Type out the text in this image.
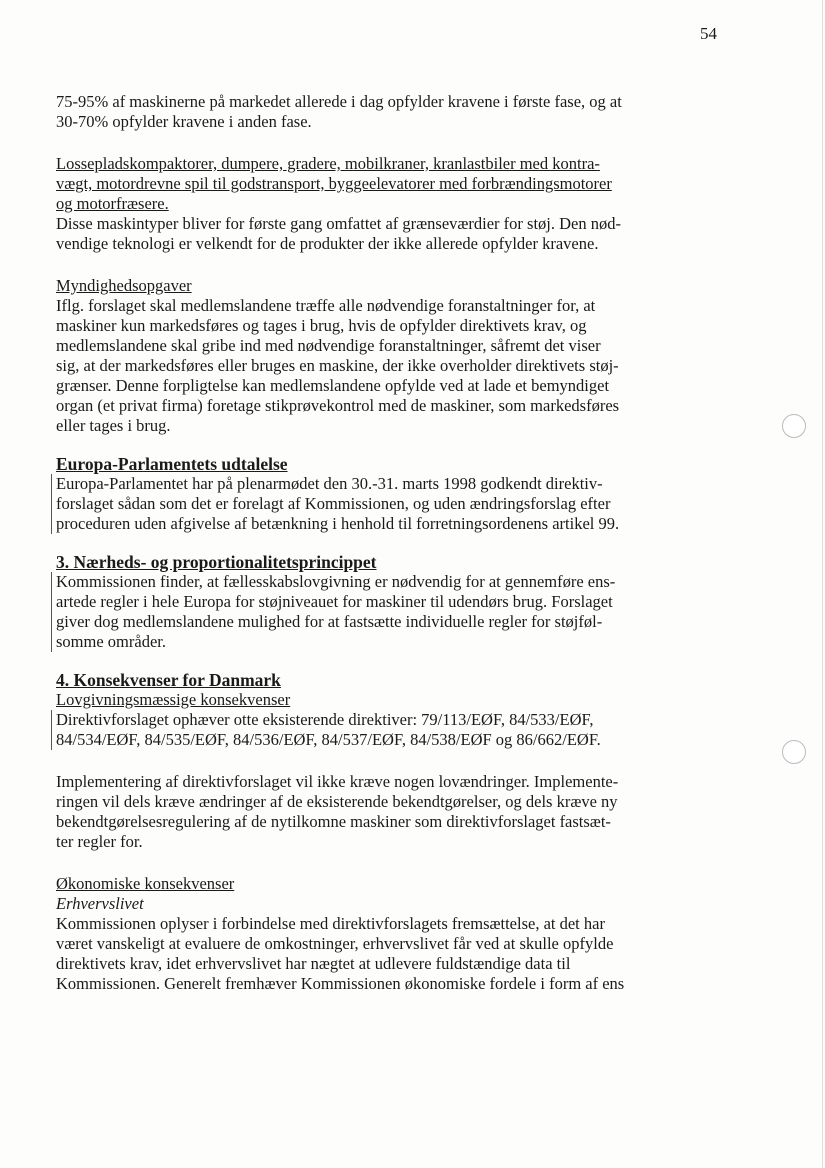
54

75-95% af maskinerne på markedet allerede i dag opfylder kravene i første fase, og at
30-70% opfylder kravene i anden fase.

Lossepladskompaktorer, dumpere, gradere, mobilkraner, kranlastbiler med kontra-
vægt, motordrevne spil til godstransport, byggeelevatorer med forbrændingsmotorer
og motorfræsere.

Disse maskintyper bliver for første gang omfattet af grænseværdier for støj. Den nød-
vendige teknologi er velkendt for de produkter der ikke allerede opfylder kravene.

Myndighedsopgaver

Iflg. forslaget skal medlemslandene træffe alle nødvendige foranstaltninger for, at
maskiner kun markedsføres og tages i brug, hvis de opfylder direktivets krav, og
medlemslandene skal gribe ind med nødvendige foranstaltninger, såfremt det viser
sig, at der markedsføres eller bruges en maskine, der ikke overholder direktivets støj-
grænser. Denne forpligtelse kan medlemslandene opfylde ved at lade et bemyndiget
organ (et privat firma) foretage stikprøvekontrol med de maskiner, som markedsføres
eller tages i brug.

Europa-Parlamentets udtalelse

Europa-Parlamentet har på plenarmødet den 30.-31. marts 1998 godkendt direktiv-
forslaget sådan som det er forelagt af Kommissionen, og uden ændringsforslag efter
proceduren uden afgivelse af betænkning i henhold til forretningsordenens artikel 99.

3. Nærheds- og proportionalitetsprincippet

Kommissionen finder, at fællesskabslovgivning er nødvendig for at gennemføre ens-
artede regler i hele Europa for støjniveauet for maskiner til udendørs brug. Forslaget
giver dog medlemslandene mulighed for at fastsætte individuelle regler for støjføl-
somme områder.

4. Konsekvenser for Danmark

Lovgivningsmæssige konsekvenser

Direktivforslaget ophæver otte eksisterende direktiver: 79/113/EØF, 84/533/EØF,
84/534/EØF, 84/535/EØF, 84/536/EØF, 84/537/EØF, 84/538/EØF og 86/662/EØF.

Implementering af direktivforslaget vil ikke kræve nogen lovændringer. Implemente-
ringen vil dels kræve ændringer af de eksisterende bekendtgørelser, og dels kræve ny
bekendtgørelsesregulering af de nytilkomne maskiner som direktivforslaget fastsæt-
ter regler for.

Økonomiske konsekvenser

Erhvervslivet

Kommissionen oplyser i forbindelse med direktivforslagets fremsættelse, at det har
været vanskeligt at evaluere de omkostninger, erhvervslivet får ved at skulle opfylde
direktivets krav, idet erhvervslivet har nægtet at udlevere fuldstændige data til
Kommissionen. Generelt fremhæver Kommissionen økonomiske fordele i form af ens
